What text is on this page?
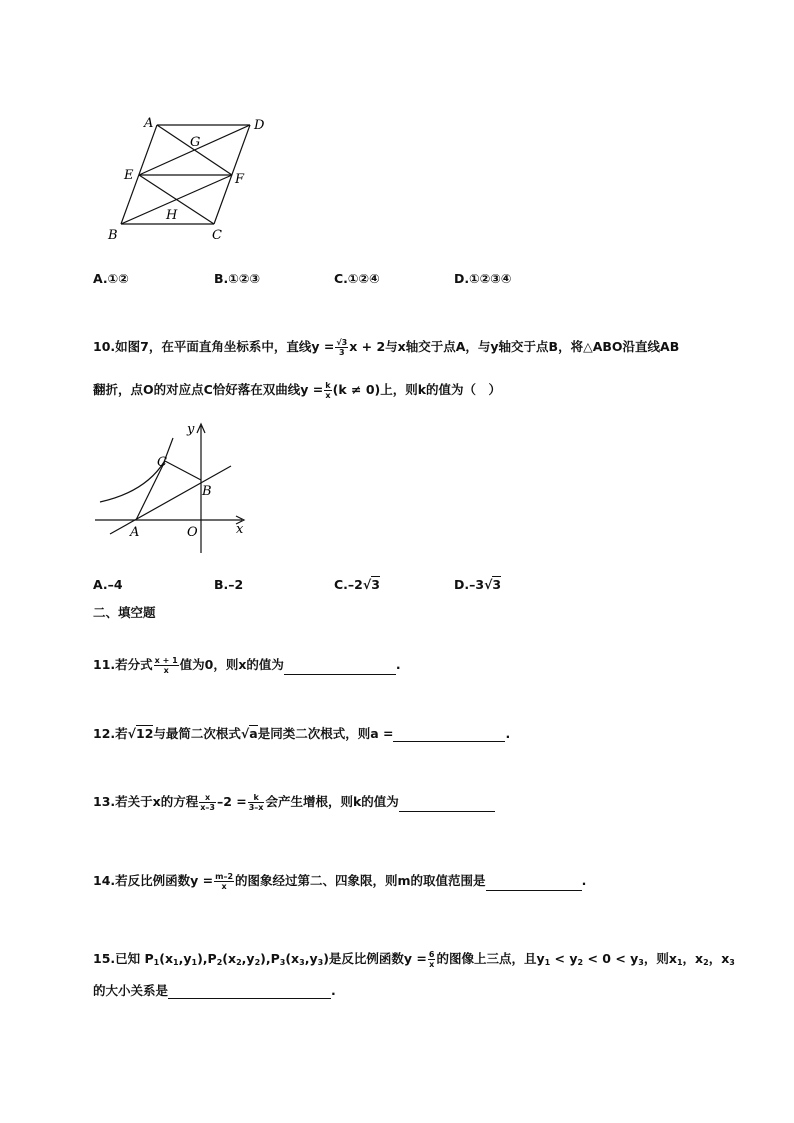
A	D
G
E	F
H
B	C
A.①②	B.①②③	C.①②④	D.①②③④
10.如图7，在平面直角坐标系中，直线$y = \frac{√3}{3}$ x + 2与x轴交于点A，与y轴交于点B，将△ABO沿直线AB
翻折，点O的对应点C恰好落在双曲线$y = \frac{k}{x} (k \ne 0)$上，则k的值为（　）
y
C
B
A	O	x
A.–4	B.–2	C.–2√3	D.–3√3
二、填空题
11.若分式 $\frac{x + 1}{x}$ 值为0，则x的值为	.
12.若√12与最简二次根式√a是同类二次根式，则a =	.
13.若关于x的方程 $\frac{x}{x-3} -2 = \frac{k}{3-x}$ 会产生增根，则k的值为
14.若反比例函数$y = \frac{m-2}{x}$ 的图象经过第二、四象限，则m的取值范围是	.
15.已知 $P_1(x_1,y_1),P_2(x_2,y_2),P_3(x_3,y_3)$是反比例函数$y = \frac{6}{x}$ 的图像上三点，且$y_1 < y_2 < 0 < y_3$，则$x_1$，$x_2$，$x_3$
的大小关系是	.
